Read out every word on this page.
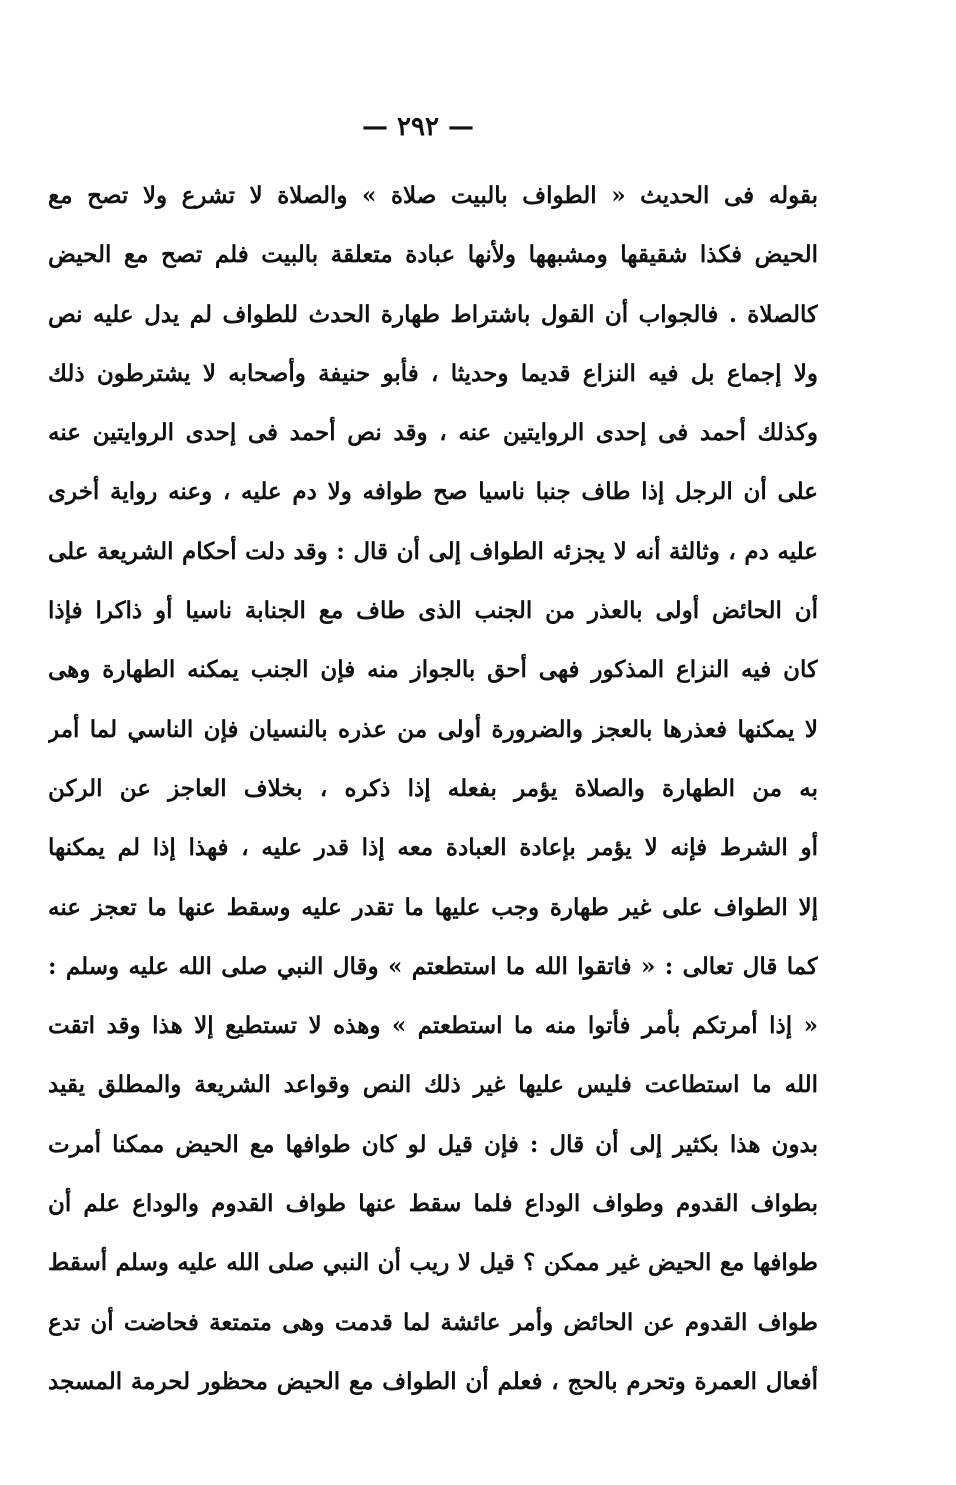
— ٢٩٢ —
بقوله فى الحديث « الطواف بالبيت صلاة » والصلاة لا تشرع ولا تصح مع
الحيض فكذا شقيقها ومشبهها ولأنها عبادة متعلقة بالبيت فلم تصح مع الحيض
كالصلاة . فالجواب أن القول باشتراط طهارة الحدث للطواف لم يدل عليه نص
ولا إجماع بل فيه النزاع قديما وحديثا ، فأبو حنيفة وأصحابه لا يشترطون ذلك
وكذلك أحمد فى إحدى الروايتين عنه ، وقد نص أحمد فى إحدى الروايتين عنه
على أن الرجل إذا طاف جنبا ناسيا صح طوافه ولا دم عليه ، وعنه رواية أخرى
عليه دم ، وثالثة أنه لا يجزئه الطواف إلى أن قال : وقد دلت أحكام الشريعة على
أن الحائض أولى بالعذر من الجنب الذى طاف مع الجنابة ناسيا أو ذاكرا فإذا
كان فيه النزاع المذكور فهى أحق بالجواز منه فإن الجنب يمكنه الطهارة وهى
لا يمكنها فعذرها بالعجز والضرورة أولى من عذره بالنسيان فإن الناسي لما أمر
به من الطهارة والصلاة يؤمر بفعله إذا ذكره ، بخلاف العاجز عن الركن
أو الشرط فإنه لا يؤمر بإعادة العبادة معه إذا قدر عليه ، فهذا إذا لم يمكنها
إلا الطواف على غير طهارة وجب عليها ما تقدر عليه وسقط عنها ما تعجز عنه
كما قال تعالى : « فاتقوا الله ما استطعتم » وقال النبي صلى الله عليه وسلم :
« إذا أمرتكم بأمر فأتوا منه ما استطعتم » وهذه لا تستطيع إلا هذا وقد اتقت
الله ما استطاعت فليس عليها غير ذلك النص وقواعد الشريعة والمطلق يقيد
بدون هذا بكثير إلى أن قال : فإن قيل لو كان طوافها مع الحيض ممكنا أمرت
بطواف القدوم وطواف الوداع فلما سقط عنها طواف القدوم والوداع علم أن
طوافها مع الحيض غير ممكن ؟ قيل لا ريب أن النبي صلى الله عليه وسلم أسقط
طواف القدوم عن الحائض وأمر عائشة لما قدمت وهى متمتعة فحاضت أن تدع
أفعال العمرة وتحرم بالحج ، فعلم أن الطواف مع الحيض محظور لحرمة المسجد
